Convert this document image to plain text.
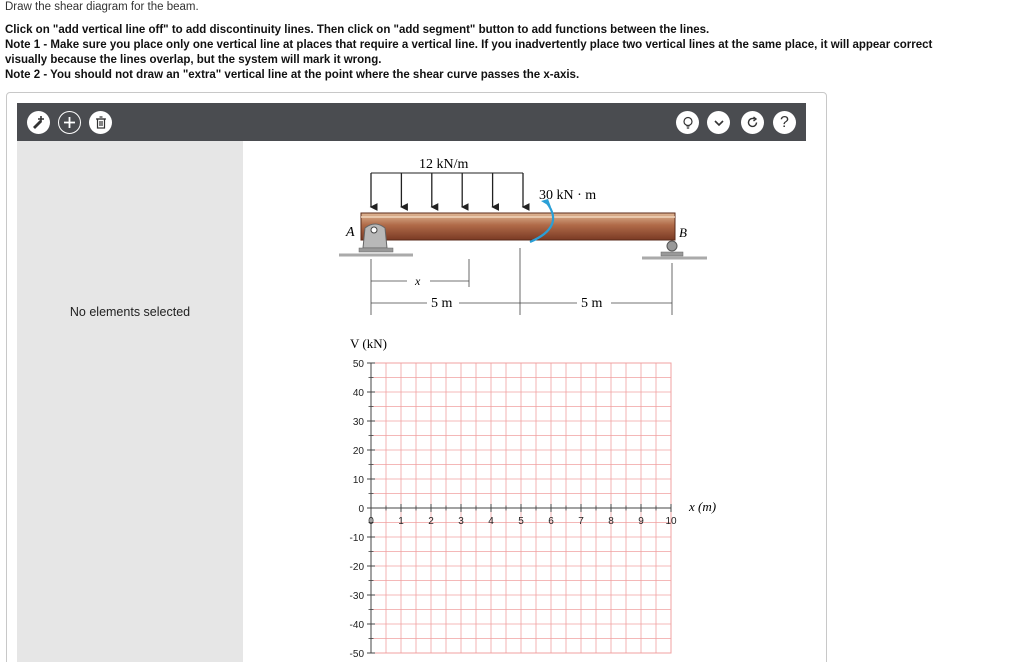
Draw the shear diagram for the beam.
Click on "add vertical line off" to add discontinuity lines. Then click on "add segment" button to add functions between the lines.
Note 1 - Make sure you place only one vertical line at places that require a vertical line. If you inadvertently place two vertical lines at the same place, it will appear correct
visually because the lines overlap, but the system will mark it wrong.
Note 2 - You should not draw an "extra" vertical line at the point where the shear curve passes the x-axis.
?
No elements selected
12 kN/m
30 kN · m
A	B
x
5 m	5 m
V (kN)
50
40
30
20
10
0
-10
-20
-30
-40
-50
0 1 2 3 4 5 6 7 8 9 10
x (m)
